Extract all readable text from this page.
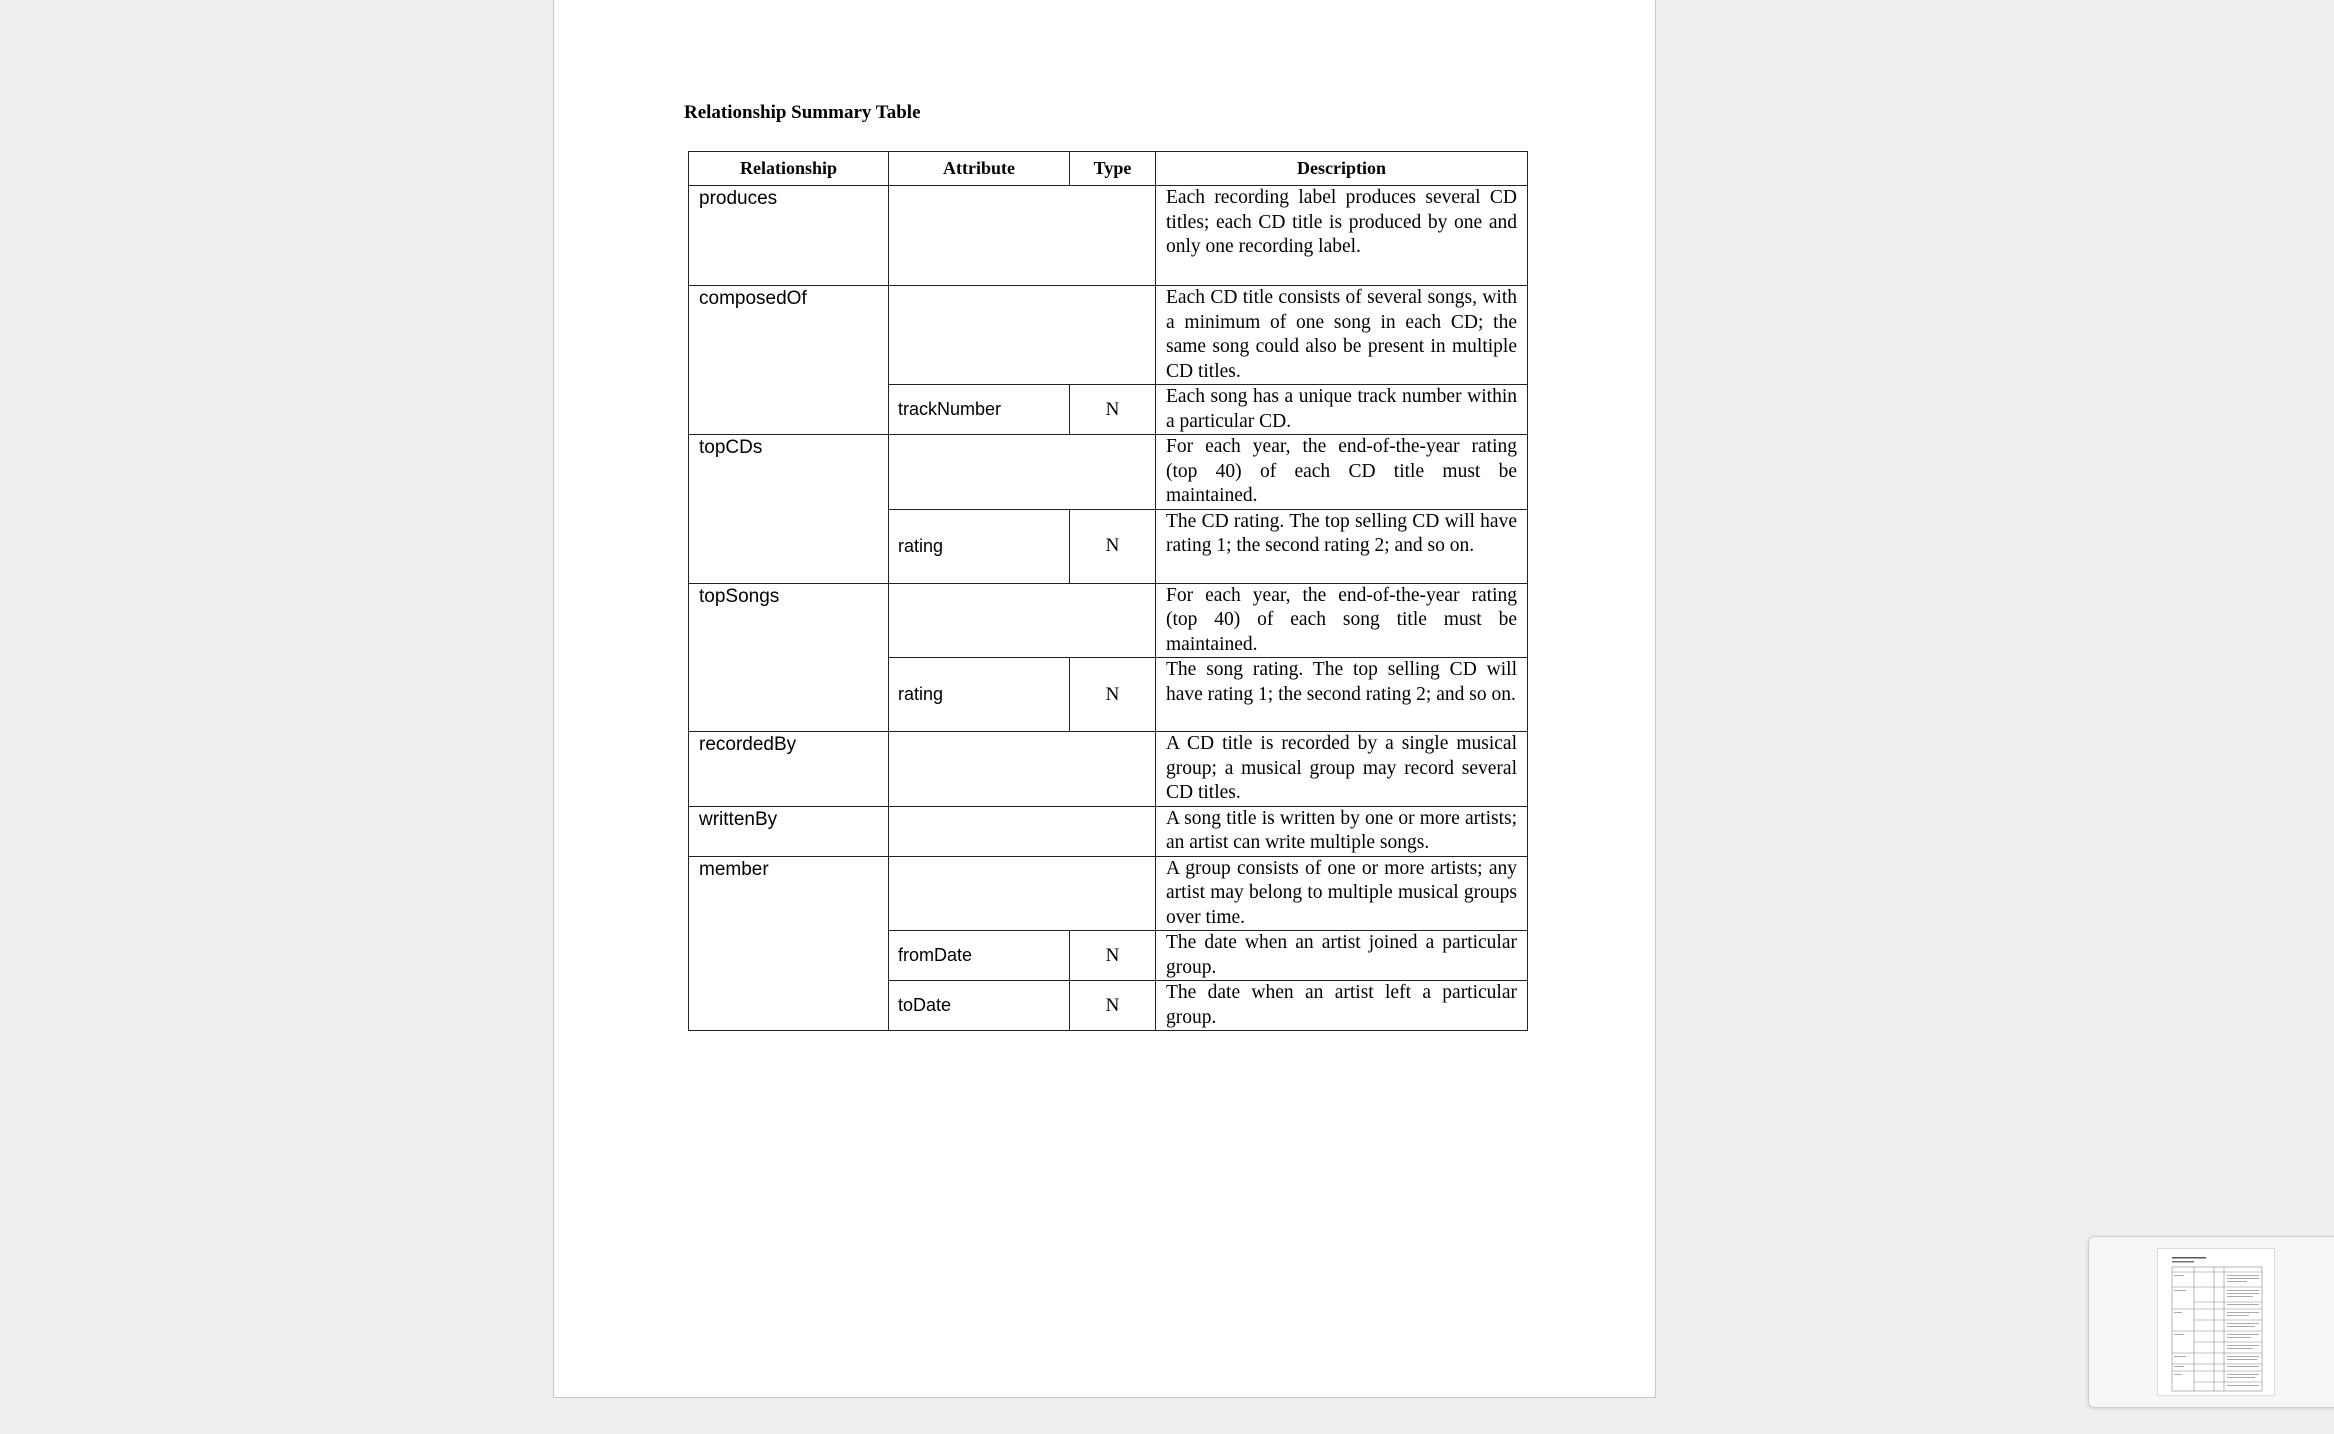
Relationship Summary Table
Relationship	Attribute	Type	Description
produces			Each recording label produces several CD titles; each CD title is produced by one and only one recording label.
composedOf			Each CD title consists of several songs, with a minimum of one song in each CD; the same song could also be present in multiple CD titles.
	trackNumber	N	Each song has a unique track number within a particular CD.
topCDs			For each year, the end-of-the-year rating (top 40) of each CD title must be maintained.
	rating	N	The CD rating. The top selling CD will have rating 1; the second rating 2; and so on.
topSongs			For each year, the end-of-the-year rating (top 40) of each song title must be maintained.
	rating	N	The song rating. The top selling CD will have rating 1; the second rating 2; and so on.
recordedBy			A CD title is recorded by a single musical group; a musical group may record several CD titles.
writtenBy			A song title is written by one or more artists; an artist can write multiple songs.
member			A group consists of one or more artists; any artist may belong to multiple musical groups over time.
	fromDate	N	The date when an artist joined a particular group.
	toDate	N	The date when an artist left a particular group.
